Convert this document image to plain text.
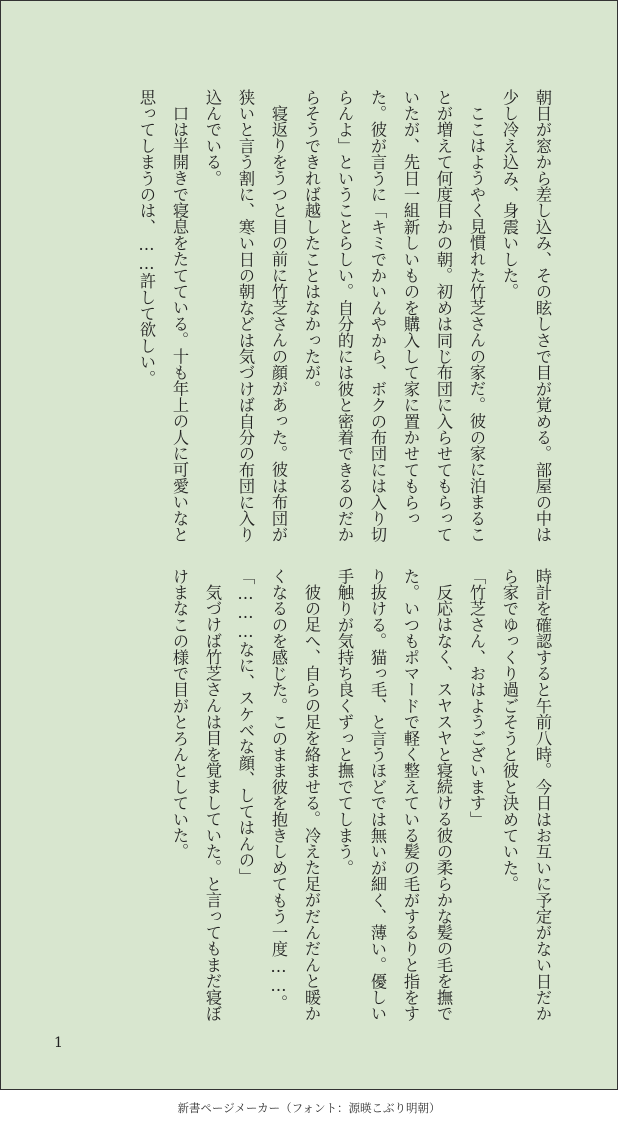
朝日が窓から差し込み、その眩しさで目が覚める。部屋の中は少し冷え込み、身震いした。

ここはようやく見慣れた竹芝さんの家だ。彼の家に泊まることが増えて何度目かの朝。初めは同じ布団に入らせてもらっていたが、先日一組新しいものを購入して家に置かせてもらった。彼が言うに「キミでかいんやから、ボクの布団には入り切らんよ」ということらしい。自分的には彼と密着できるのだからそうできれば越したことはなかったが。

寝返りをうつと目の前に竹芝さんの顔があった。彼は布団が狭いと言う割に、寒い日の朝などは気づけば自分の布団に入り込んでいる。

口は半開きで寝息をたてている。十も年上の人に可愛いなと思ってしまうのは、……許して欲しい。

時計を確認すると午前八時。今日はお互いに予定がない日だから家でゆっくり過ごそうと彼と決めていた。

「竹芝さん、おはようございます」

反応はなく、スヤスヤと寝続ける彼の柔らかな髪の毛を撫でた。いつもポマードで軽く整えている髪の毛がするりと指をすり抜ける。猫っ毛、と言うほどでは無いが細く、薄い。優しい手触りが気持ち良くずっと撫でてしまう。

彼の足へ、自らの足を絡ませる。冷えた足がだんだんと暖かくなるのを感じた。このまま彼を抱きしめてもう一度……。

「………なに、スケベな顔、してはんの」

気づけば竹芝さんは目を覚ましていた。と言ってもまだ寝ぼけまなこの様で目がとろんとしていた。

1
新書ページメーカー（フォント：源暎こぶり明朝）
